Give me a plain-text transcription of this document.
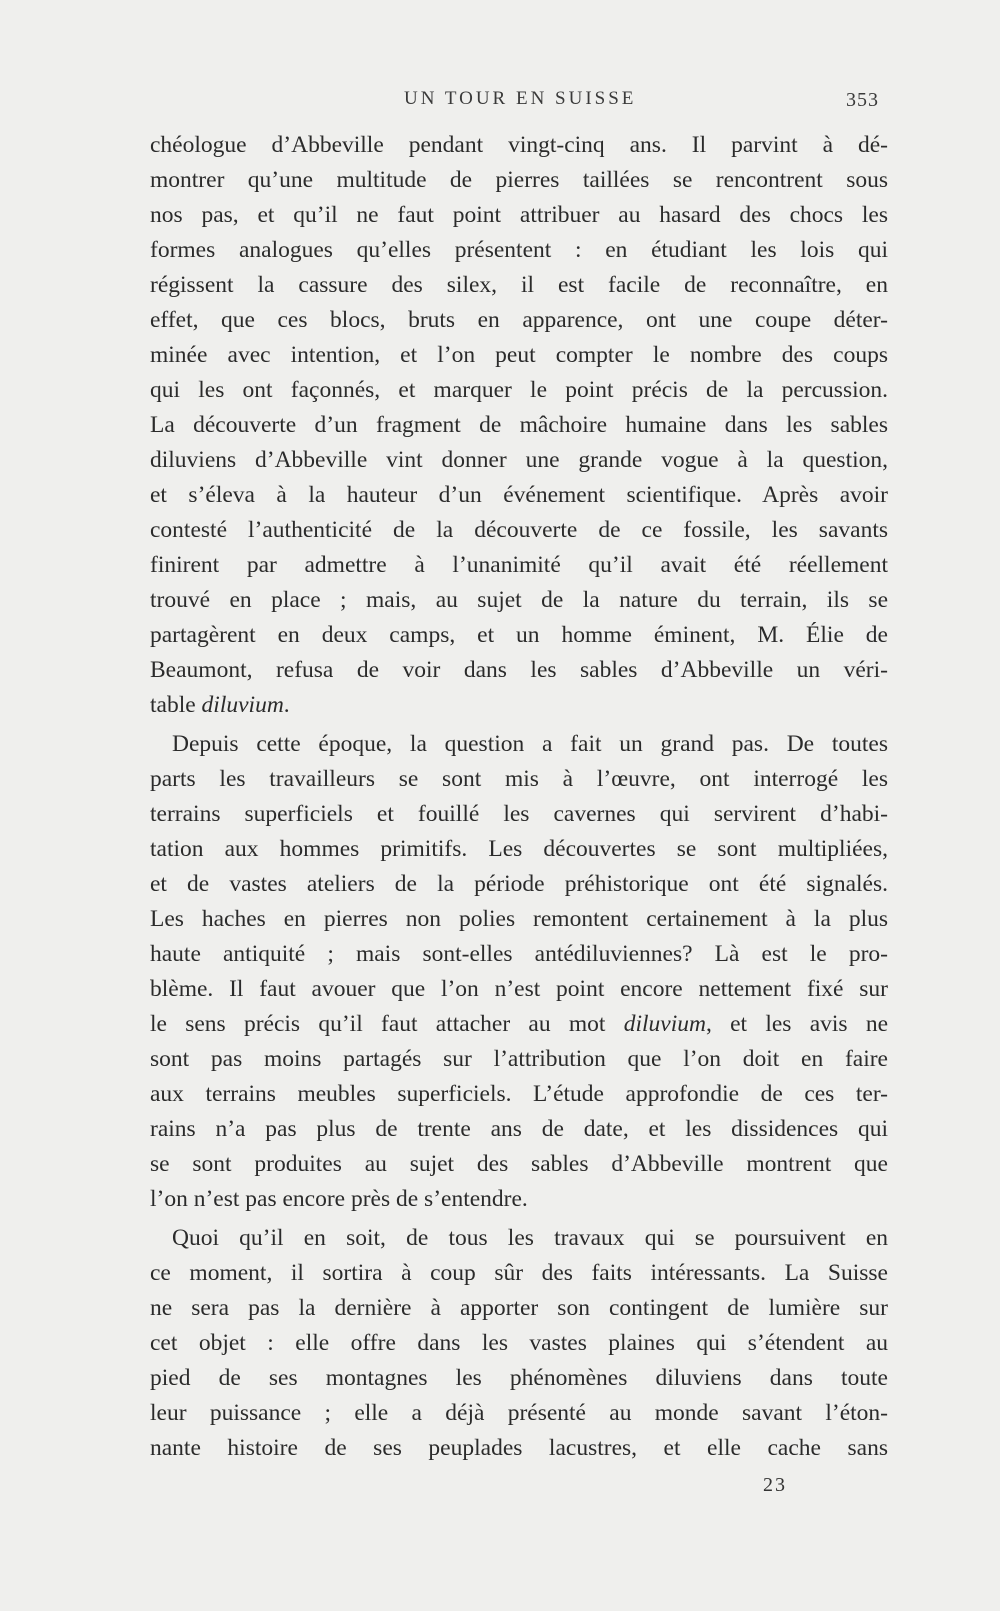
UN TOUR EN SUISSE	353
chéologue d’Abbeville pendant vingt-cinq ans. Il parvint à dé-
montrer qu’une multitude de pierres taillées se rencontrent sous
nos pas, et qu’il ne faut point attribuer au hasard des chocs les
formes analogues qu’elles présentent : en étudiant les lois qui
régissent la cassure des silex, il est facile de reconnaître, en
effet, que ces blocs, bruts en apparence, ont une coupe déter-
minée avec intention, et l’on peut compter le nombre des coups
qui les ont façonnés, et marquer le point précis de la percussion.
La découverte d’un fragment de mâchoire humaine dans les sables
diluviens d’Abbeville vint donner une grande vogue à la question,
et s’éleva à la hauteur d’un événement scientifique. Après avoir
contesté l’authenticité de la découverte de ce fossile, les savants
finirent par admettre à l’unanimité qu’il avait été réellement
trouvé en place ; mais, au sujet de la nature du terrain, ils se
partagèrent en deux camps, et un homme éminent, M. Élie de
Beaumont, refusa de voir dans les sables d’Abbeville un véri-
table diluvium.
Depuis cette époque, la question a fait un grand pas. De toutes
parts les travailleurs se sont mis à l’œuvre, ont interrogé les
terrains superficiels et fouillé les cavernes qui servirent d’habi-
tation aux hommes primitifs. Les découvertes se sont multipliées,
et de vastes ateliers de la période préhistorique ont été signalés.
Les haches en pierres non polies remontent certainement à la plus
haute antiquité ; mais sont-elles antédiluviennes? Là est le pro-
blème. Il faut avouer que l’on n’est point encore nettement fixé sur
le sens précis qu’il faut attacher au mot diluvium, et les avis ne
sont pas moins partagés sur l’attribution que l’on doit en faire
aux terrains meubles superficiels. L’étude approfondie de ces ter-
rains n’a pas plus de trente ans de date, et les dissidences qui
se sont produites au sujet des sables d’Abbeville montrent que
l’on n’est pas encore près de s’entendre.
Quoi qu’il en soit, de tous les travaux qui se poursuivent en
ce moment, il sortira à coup sûr des faits intéressants. La Suisse
ne sera pas la dernière à apporter son contingent de lumière sur
cet objet : elle offre dans les vastes plaines qui s’étendent au
pied de ses montagnes les phénomènes diluviens dans toute
leur puissance ; elle a déjà présenté au monde savant l’éton-
nante histoire de ses peuplades lacustres, et elle cache sans
23
